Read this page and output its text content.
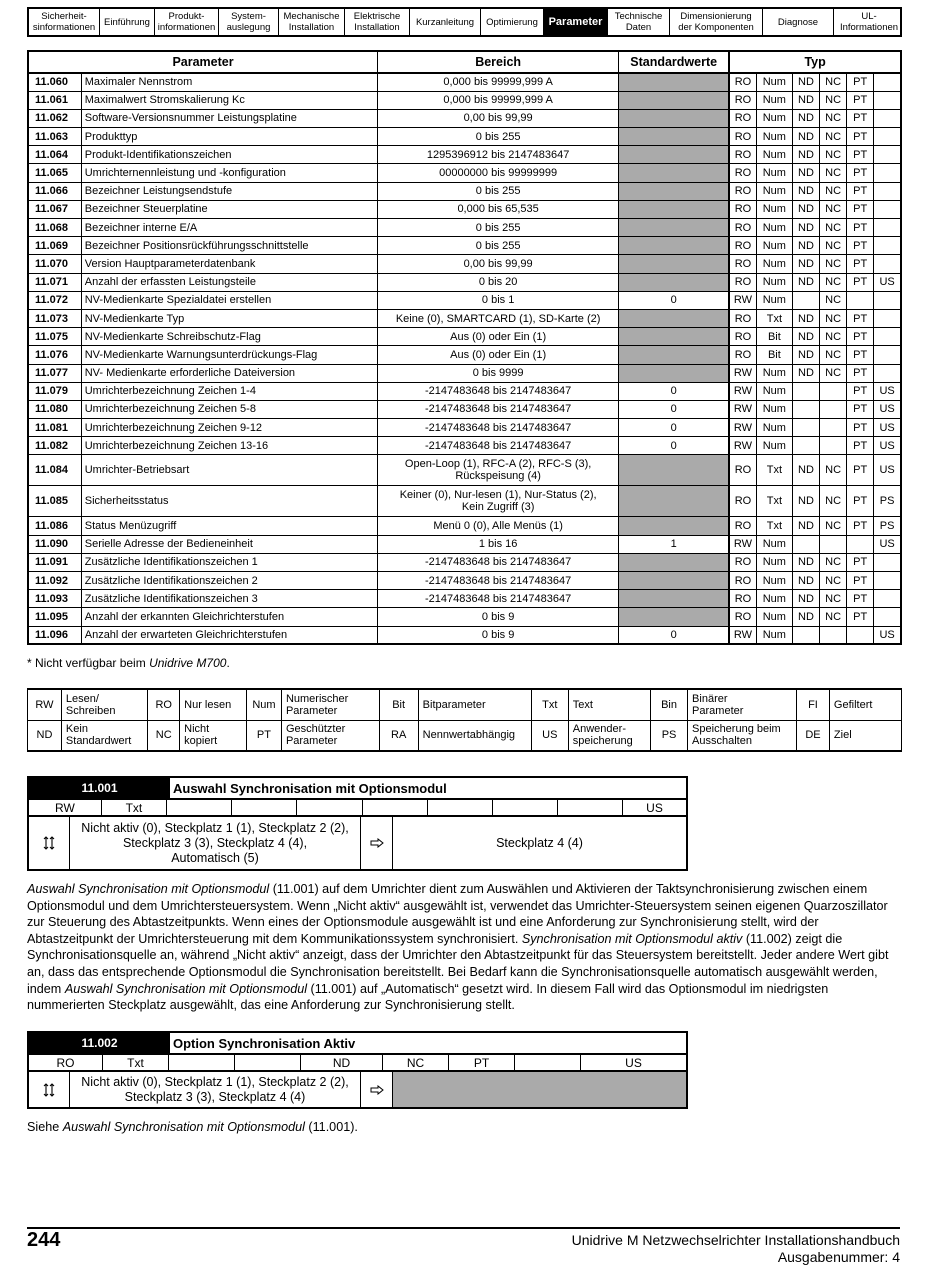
Sicherheit-
sinformationen Einführung	Produkt-
informationen
System-
auslegung
Mechanische
Installation
Elektrische
Installation	Kurzanleitung	Optimierung Parameter	Technische
Daten
Dimensionierung
der Komponenten	Diagnose	UL-
Informationen
Parameter		Bereich	Standardwerte	Typ					
11.060	Maximaler Nennstrom	0,000 bis 99999,999 A		RO	Num	ND	NC	PT	
11.061	Maximalwert Stromskalierung Kc	0,000 bis 99999,999 A		RO	Num	ND	NC	PT	
11.062	Software-Versionsnummer Leistungsplatine	0,00 bis 99,99		RO	Num	ND	NC	PT	
11.063	Produkttyp	0 bis 255		RO	Num	ND	NC	PT	
11.064	Produkt-Identifikationszeichen	1295396912 bis 2147483647		RO	Num	ND	NC	PT	
11.065	Umrichternennleistung und -konfiguration	00000000 bis 99999999		RO	Num	ND	NC	PT	
11.066	Bezeichner Leistungsendstufe	0 bis 255		RO	Num	ND	NC	PT	
11.067	Bezeichner Steuerplatine	0,000 bis 65,535		RO	Num	ND	NC	PT	
11.068	Bezeichner interne E/A	0 bis 255		RO	Num	ND	NC	PT	
11.069	Bezeichner Positionsrückführungsschnittstelle	0 bis 255		RO	Num	ND	NC	PT	
11.070	Version Hauptparameterdatenbank	0,00 bis 99,99		RO	Num	ND	NC	PT	
11.071	Anzahl der erfassten Leistungsteile	0 bis 20		RO	Num	ND	NC	PT	US
11.072	NV-Medienkarte Spezialdatei erstellen	0 bis 1	0	RW	Num		NC		
11.073	NV-Medienkarte Typ	Keine (0), SMARTCARD (1), SD-Karte (2)		RO	Txt	ND	NC	PT	
11.075	NV-Medienkarte Schreibschutz-Flag	Aus (0) oder Ein (1)		RO	Bit	ND	NC	PT	
11.076	NV-Medienkarte Warnungsunterdrückungs-Flag	Aus (0) oder Ein (1)		RO	Bit	ND	NC	PT	
11.077	NV- Medienkarte erforderliche Dateiversion	0 bis 9999		RW	Num	ND	NC	PT	
11.079	Umrichterbezeichnung Zeichen 1-4	-2147483648 bis 2147483647	0	RW	Num			PT	US
11.080	Umrichterbezeichnung Zeichen 5-8	-2147483648 bis 2147483647	0	RW	Num			PT	US
11.081	Umrichterbezeichnung Zeichen 9-12	-2147483648 bis 2147483647	0	RW	Num			PT	US
11.082	Umrichterbezeichnung Zeichen 13-16	-2147483648 bis 2147483647	0	RW	Num			PT	US
11.084	Umrichter-Betriebsart	Open-Loop (1), RFC-A (2), RFC-S (3),
Rückspeisung (4)		RO	Txt	ND	NC	PT	US
11.085	Sicherheitsstatus	Keiner (0), Nur-lesen (1), Nur-Status (2),
Kein Zugriff (3)		RO	Txt	ND	NC	PT	PS
11.086	Status Menüzugriff	Menü 0 (0), Alle Menüs (1)		RO	Txt	ND	NC	PT	PS
11.090	Serielle Adresse der Bedieneinheit	1 bis 16	1	RW	Num				US
11.091	Zusätzliche Identifikationszeichen 1	-2147483648 bis 2147483647		RO	Num	ND	NC	PT	
11.092	Zusätzliche Identifikationszeichen 2	-2147483648 bis 2147483647		RO	Num	ND	NC	PT	
11.093	Zusätzliche Identifikationszeichen 3	-2147483648 bis 2147483647		RO	Num	ND	NC	PT	
11.095	Anzahl der erkannten Gleichrichterstufen	0 bis 9		RO	Num	ND	NC	PT	
11.096	Anzahl der erwarteten Gleichrichterstufen	0 bis 9	0	RW	Num				US
* Nicht verfügbar beim Unidrive M700.
RW	Lesen/
Schreiben	RO	Nur lesen	Num	Numerischer
Parameter	Bit	Bitparameter	Txt	Text	Bin	Binärer
Parameter	FI	Gefiltert
ND	Kein
Standardwert	NC	Nicht
kopiert	PT	Geschützter
Parameter	RA	Nennwertabhängig	US	Anwender-
speicherung	PS	Speicherung beim
Ausschalten	DE	Ziel
11.001	Auswahl Synchronisation mit Optionsmodul
RW	Txt	US
Nicht aktiv (0), Steckplatz 1 (1), Steckplatz 2 (2),
Steckplatz 3 (3), Steckplatz 4 (4),
Automatisch (5)
Steckplatz 4 (4)
Auswahl Synchronisation mit Optionsmodul (11.001) auf dem Umrichter dient zum Auswählen und Aktivieren der Taktsynchronisierung zwischen einem Optionsmodul und dem Umrichtersteuersystem. Wenn „Nicht aktiv“ ausgewählt ist, verwendet das Umrichter-Steuersystem seinen eigenen Quarzoszillator zur Steuerung des Abtastzeitpunkts. Wenn eines der Optionsmodule ausgewählt ist und eine Anforderung zur Synchronisierung stellt, wird der Abtastzeitpunkt der Umrichtersteuerung mit dem Kommunikationssystem synchronisiert. Synchronisation mit Optionsmodul aktiv (11.002) zeigt die Synchronisationsquelle an, während „Nicht aktiv“ anzeigt, dass der Umrichter den Abtastzeitpunkt für das Steuersystem bereitstellt. Jeder andere Wert gibt an, dass das entsprechende Optionsmodul die Synchronisation bereitstellt. Bei Bedarf kann die Synchronisationsquelle automatisch ausgewählt werden, indem Auswahl Synchronisation mit Optionsmodul (11.001) auf „Automatisch“ gesetzt wird. In diesem Fall wird das Optionsmodul im niedrigsten nummerierten Steckplatz ausgewählt, das eine Anforderung zur Synchronisierung stellt.
11.002	Option Synchronisation Aktiv
RO	Txt	ND	NC	PT	US
Nicht aktiv (0), Steckplatz 1 (1), Steckplatz 2 (2),
Steckplatz 3 (3), Steckplatz 4 (4)
Siehe Auswahl Synchronisation mit Optionsmodul (11.001).
244	Unidrive M Netzwechselrichter Installationshandbuch
Ausgabenummer: 4
